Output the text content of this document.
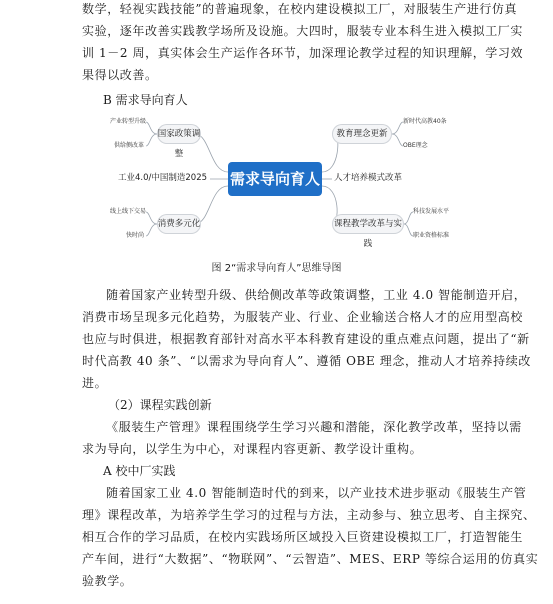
数学，轻视实践技能”的普遍现象，在校内建设模拟工厂，对服装生产进行仿真
实验，逐年改善实践教学场所及设施。大四时，服装专业本科生进入模拟工厂实
训 1－2 周，真实体会生产运作各环节，加深理论教学过程的知识理解，学习效
果得以改善。
B 需求导向育人
产业转型升级
供给侧改革
线上线下交易
快时尚
国家政策调整
工业4.0/中国制造2025
消费多元化
需求导向育人
教育理念更新
人才培养模式改革
课程教学改革与实践
新时代高教40条
OBE理念
科技发展水平
职业资格标准
图 2“需求导向育人”思维导图
随着国家产业转型升级、供给侧改革等政策调整，工业 4.0 智能制造开启，
消费市场呈现多元化趋势，为服装产业、行业、企业输送合格人才的应用型高校
也应与时俱进，根据教育部针对高水平本科教育建设的重点难点问题，提出了“新
时代高教 40 条”、“以需求为导向育人”、遵循 OBE 理念，推动人才培养持续改
进。
（2）课程实践创新
《服装生产管理》课程围绕学生学习兴趣和潜能，深化教学改革，坚持以需
求为导向，以学生为中心，对课程内容更新、教学设计重构。
A 校中厂实践
随着国家工业 4.0 智能制造时代的到来，以产业技术进步驱动《服装生产管
理》课程改革，为培养学生学习的过程与方法，主动参与、独立思考、自主探究、
相互合作的学习品质，在校内实践场所区域投入巨资建设模拟工厂，打造智能生
产车间，进行“大数据”、“物联网”、“云智造”、MES、ERP 等综合运用的仿真实
验教学。
